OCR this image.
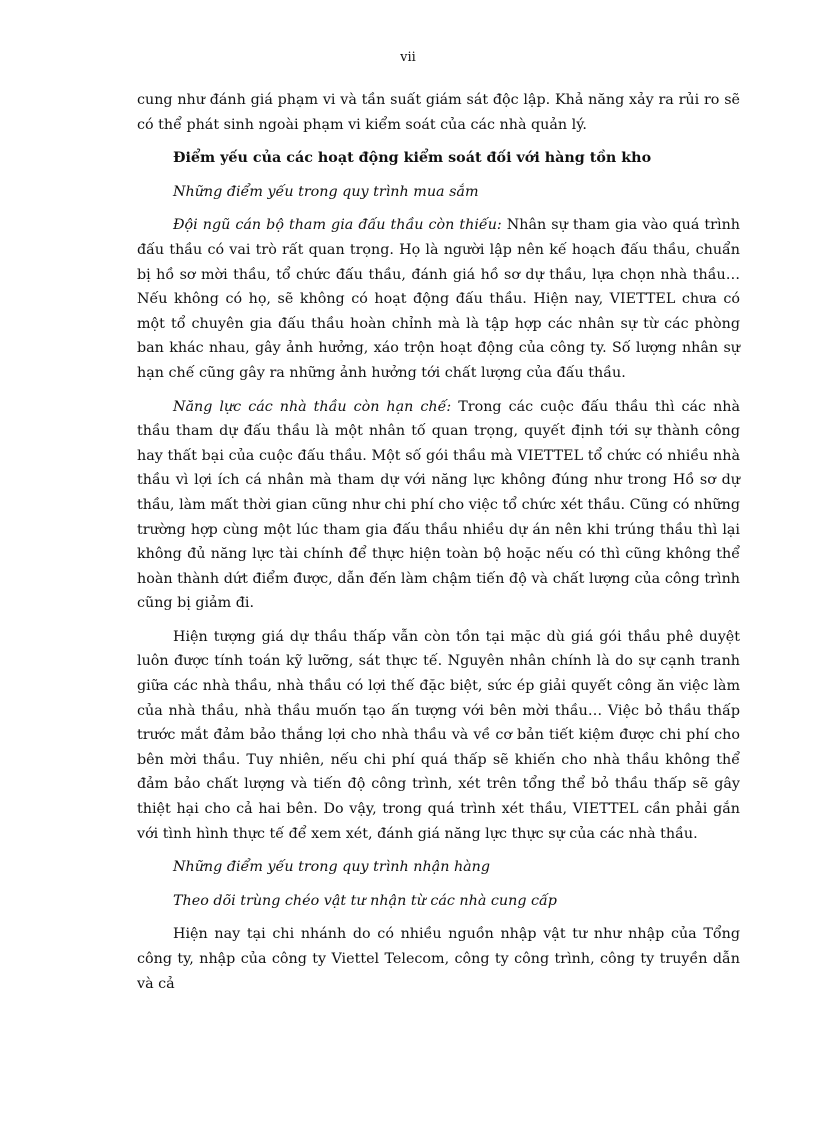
vii

cung như đánh giá phạm vi và tần suất giám sát độc lập. Khả năng xảy ra rủi ro sẽ có thể phát sinh ngoài phạm vi kiểm soát của các nhà quản lý.

Điểm yếu của các hoạt động kiểm soát đối với hàng tồn kho

Những điểm yếu trong quy trình mua sắm

Đội ngũ cán bộ tham gia đấu thầu còn thiếu: Nhân sự tham gia vào quá trình đấu thầu có vai trò rất quan trọng. Họ là người lập nên kế hoạch đấu thầu, chuẩn bị hồ sơ mời thầu, tổ chức đấu thầu, đánh giá hồ sơ dự thầu, lựa chọn nhà thầu…Nếu không có họ, sẽ không có hoạt động đấu thầu. Hiện nay, VIETTEL chưa có một tổ chuyên gia đấu thầu hoàn chỉnh mà là tập hợp các nhân sự từ các phòng ban khác nhau, gây ảnh hưởng, xáo trộn hoạt động của công ty. Số lượng nhân sự hạn chế cũng gây ra những ảnh hưởng tới chất lượng của đấu thầu.

Năng lực các nhà thầu còn hạn chế: Trong các cuộc đấu thầu thì các nhà thầu tham dự đấu thầu là một nhân tố quan trọng, quyết định tới sự thành công hay thất bại của cuộc đấu thầu. Một số gói thầu mà VIETTEL tổ chức có nhiều nhà thầu vì lợi ích cá nhân mà tham dự với năng lực không đúng như trong Hồ sơ dự thầu, làm mất thời gian cũng như chi phí cho việc tổ chức xét thầu. Cũng có những trường hợp cùng một lúc tham gia đấu thầu nhiều dự án nên khi trúng thầu thì lại không đủ năng lực tài chính để thực hiện toàn bộ hoặc nếu có thì cũng không thể hoàn thành dứt điểm được, dẫn đến làm chậm tiến độ và chất lượng của công trình cũng bị giảm đi.

Hiện tượng giá dự thầu thấp vẫn còn tồn tại mặc dù giá gói thầu phê duyệt luôn được tính toán kỹ lưỡng, sát thực tế. Nguyên nhân chính là do sự cạnh tranh giữa các nhà thầu, nhà thầu có lợi thế đặc biệt, sức ép giải quyết công ăn việc làm của nhà thầu, nhà thầu muốn tạo ấn tượng với bên mời thầu… Việc bỏ thầu thấp trước mắt đảm bảo thắng lợi cho nhà thầu và về cơ bản tiết kiệm được chi phí cho bên mời thầu. Tuy nhiên, nếu chi phí quá thấp sẽ khiến cho nhà thầu không thể đảm bảo chất lượng và tiến độ công trình, xét trên tổng thể bỏ thầu thấp sẽ gây thiệt hại cho cả hai bên. Do vậy, trong quá trình xét thầu, VIETTEL cần phải gắn với tình hình thực tế để xem xét, đánh giá năng lực thực sự của các nhà thầu.

Những điểm yếu trong quy trình nhận hàng

Theo dõi trùng chéo vật tư nhận từ các nhà cung cấp

Hiện nay tại chi nhánh do có nhiều nguồn nhập vật tư như nhập của Tổng công ty, nhập của công ty Viettel Telecom, công ty công trình, công ty truyền dẫn và cả
